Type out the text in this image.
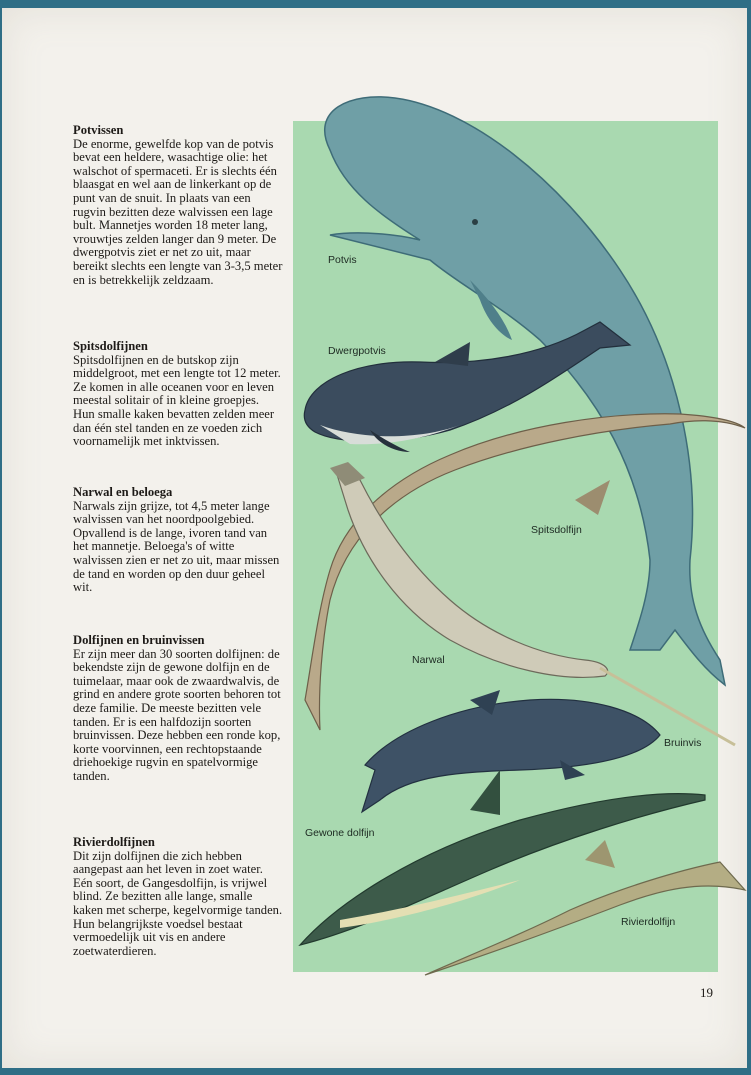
Potvissen

De enorme, gewelfde kop van de potvis bevat een heldere, wasachtige olie: het walschot of spermaceti. Er is slechts één blaasgat en wel aan de linkerkant op de punt van de snuit. In plaats van een rugvin bezitten deze walvissen een lage bult. Mannetjes worden 18 meter lang, vrouwtjes zelden langer dan 9 meter. De dwergpotvis ziet er net zo uit, maar bereikt slechts een lengte van 3-3,5 meter en is betrekkelijk zeldzaam.

Spitsdolfijnen

Spitsdolfijnen en de butskop zijn middelgroot, met een lengte tot 12 meter. Ze komen in alle oceanen voor en leven meestal solitair of in kleine groepjes. Hun smalle kaken bevatten zelden meer dan één stel tanden en ze voeden zich voornamelijk met inktvissen.

Narwal en beloega

Narwals zijn grijze, tot 4,5 meter lange walvissen van het noordpoolgebied. Opvallend is de lange, ivoren tand van het mannetje. Beloega's of witte walvissen zien er net zo uit, maar missen de tand en worden op den duur geheel wit.

Dolfijnen en bruinvissen

Er zijn meer dan 30 soorten dolfijnen: de bekendste zijn de gewone dolfijn en de tuimelaar, maar ook de zwaardwalvis, de grind en andere grote soorten behoren tot deze familie. De meeste bezitten vele tanden. Er is een halfdozijn soorten bruinvissen. Deze hebben een ronde kop, korte voorvinnen, een rechtopstaande driehoekige rugvin en spatelvormige tanden.

Rivierdolfijnen

Dit zijn dolfijnen die zich hebben aangepast aan het leven in zoet water. Eén soort, de Gangesdolfijn, is vrijwel blind. Ze bezitten alle lange, smalle kaken met scherpe, kegelvormige tanden. Hun belangrijkste voedsel bestaat vermoedelijk uit vis en andere zoetwaterdieren.

Potvis
Dwergpotvis
Spitsdolfijn
Narwal
Bruinvis
Gewone dolfijn
Rivierdolfijn
19
